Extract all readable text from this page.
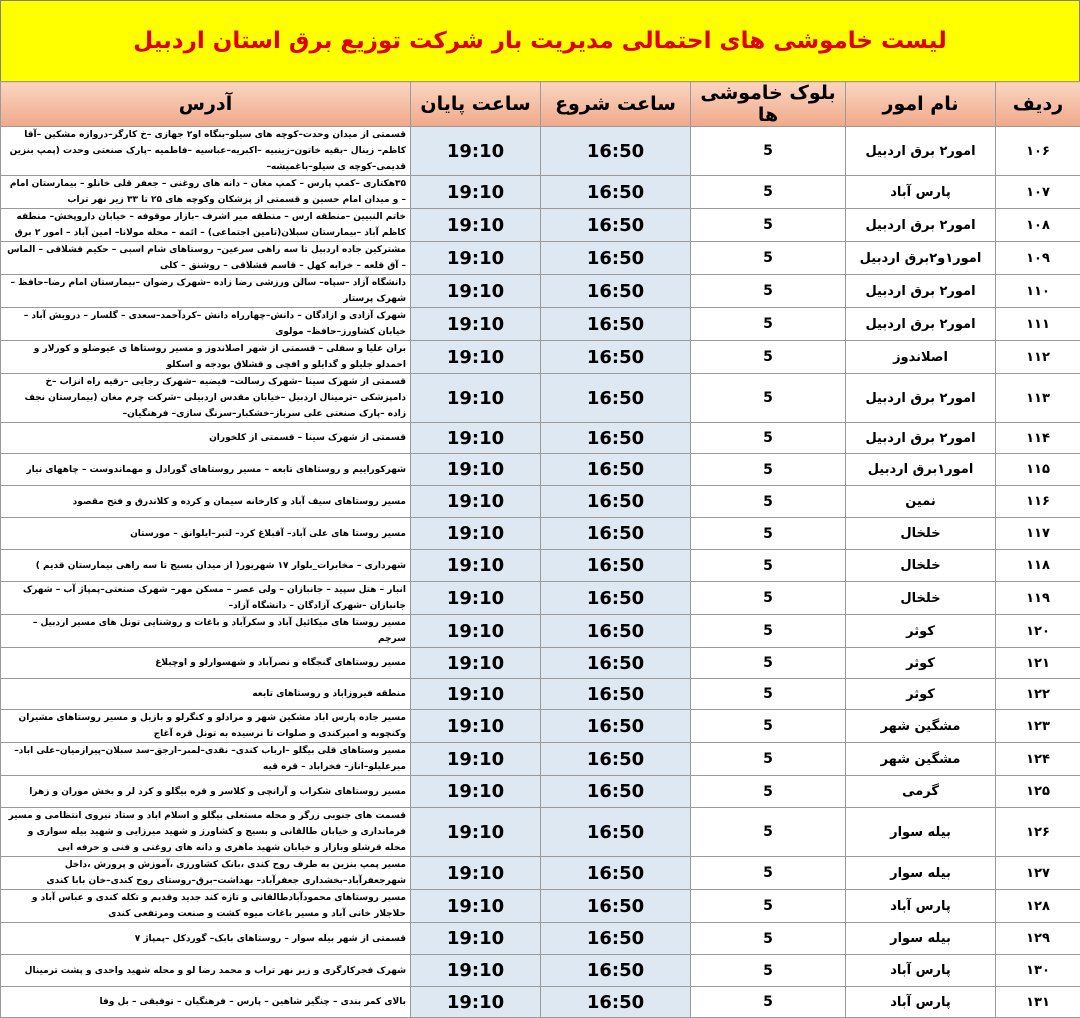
لیست خاموشی های احتمالی مدیریت بار شرکت توزیع برق استان اردبیل
ردیف	نام امور	بلوک خاموشی ها	ساعت شروع	ساعت پایان	آدرس
۱۰۶	امور۲ برق اردبیل	5	16:50	19:10	قسمتی از میدان وحدت–کوچه های سیلو–بنگاه او۲ جهازی –خ کارگر–دروازه مشکین –آقا کاظم– زینال –بقیه خاتون–زینبیه –اکبریه–عباسیه –فاطمیه –پارک صنعتی وحدت (پمپ بنزین قدیمی–کوچه ی سیلو–باغمیشه–
۱۰۷	پارس آباد	5	16:50	19:10	۳۵هکتاری –کمپ پارس – کمپ مغان – دانه های روغنی – جعفر قلی خانلو – بیمارستان امام – و میدان امام حسین و قسمتی از پزشکان وکوچه های ۲۵ تا ۳۳ زیر نهر تراب
۱۰۸	امور۲ برق اردبیل	5	16:50	19:10	خاتم النبیین –منطقه ارس – منطقه میر اشرف –بازار موقوفه – خیابان داروپخش– منطقه کاظم آباد –بیمارستان سبلان(تامین اجتماعی) – ائمه – محله مولانا– امین آباد – امور ۲ برق
۱۰۹	امور۱و۲برق اردبیل	5	16:50	19:10	مشترکین جاده اردبیل تا سه راهی سرعین– روستاهای شام اسبی – حکیم قشلاقی – الماس – آق قلعه – خرابه کهل – قاسم قشلاقی – روشنق – کلی
۱۱۰	امور۲ برق اردبیل	5	16:50	19:10	دانشگاه آزاد –سپاه– سالن ورزشی رضا زاده –شهرک رضوان –بیمارستان امام رضا–حافظ – شهرک پرستار
۱۱۱	امور۲ برق اردبیل	5	16:50	19:10	شهرک آزادی و ازادگان – دانش–چهارراه دانش –کردآحمد–سعدی – گلسار – درویش آباد –خیابان کشاورز–حافظ– مولوی
۱۱۲	اصلاندوز	5	16:50	19:10	بران علیا و سفلی – قسمتی از شهر اصلاندوز و مسیر روستاها ی عیوضلو و کورلار و احمدلو جلیلو و گدایلو و افچی و قشلاق بودجه و اسکلو
۱۱۳	امور۲ برق اردبیل	5	16:50	19:10	قسمتی از شهرک سینا –شهرک رسالت– فیضیه –شهرک رجایی –رقیه راه انزاب –خ دامپزشکی –ترمینال اردبیل –خیابان مقدس اردبیلی –شرکت چرم مغان (بیمارستان نجف زاده –پارک صنعتی علی سرباز–خشکبار–سرنگ سازی– فرهنگیان–
۱۱۴	امور۲ برق اردبیل	5	16:50	19:10	قسمتی از شهرک سینا – قسمتی از کلخوران
۱۱۵	امور۱برق اردبیل	5	16:50	19:10	شهرکوراییم و روستاهای تابعه – مسیر روستاهای گورادل و مهماندوست – چاههای نیار
۱۱۶	نمین	5	16:50	19:10	مسیر روستاهای سیف آباد و کارخانه سیمان و کرده و کلاندرق و فتح مقصود
۱۱۷	خلخال	5	16:50	19:10	مسیر روستا های علی آباد– آقبلاغ کرد– لنبر–ایلوانق – مورستان
۱۱۸	خلخال	5	16:50	19:10	شهرداری – مخابرات_بلوار ۱۷ شهریور( از میدان بسیج تا سه راهی بیمارستان قدیم )
۱۱۹	خلخال	5	16:50	19:10	انبار – هتل سپید – جانبازان – ولی عصر – مسکن مهر– شهرک صنعتی–پمپاژ آب – شهرک جانبازان –شهرک آزادگان – دانشگاه آزاد–
۱۲۰	کوثر	5	16:50	19:10	مسیر روستا های میکائیل آباد و سکرآباد و باغات و روشنایی تونل های مسیر اردبیل – سرچم
۱۲۱	کوثر	5	16:50	19:10	مسیر روستاهای گنجگاه و نصرآباد و شهسوارلو و اوچبلاغ
۱۲۲	کوثر	5	16:50	19:10	منطقه فیروزاباد و روستاهای تابعه
۱۲۳	مشگین شهر	5	16:50	19:10	مسیر جاده پارس اباد مشکین شهر و مرادلو و کنگرلو و بازیل و مسیر روستاهای مشیران وکنچوبه و امیرکندی و صلوات تا نرسیده به تونل قره آغاج
۱۲۴	مشگین شهر	5	16:50	19:10	مسیر وستاهای قلی بیگلو –ارباب کندی– نقدی–لمبر–ارجق–سد سبلان–پیرازمیان–علی اباد–میرعلیلو–اناز– فخراباد – قره قیه
۱۲۵	گرمی	5	16:50	19:10	مسیر روستاهای شکراب و آرانچی و کلاسر و قره بیگلو و کرد لر و بخش موران و زهرا
۱۲۶	بیله سوار	5	16:50	19:10	قسمت های جنوبی زرگر و محله مستعلی بیگلو و اسلام اباد و ستاد نیروی انتظامی و مسیر فرمانداری و خیابان طالقانی و بسیج و کشاورز و شهید میرزایی و شهید بیله سواری و محله قرشلو وبازار و خیابان شهید ماهری و دانه های روغنی و فنی و حرفه ایی
۱۲۷	بیله سوار	5	16:50	19:10	مسیر پمپ بنزین به طرف روح کندی ،بانک کشاورزی ،آموزش و پرورش ،داخل شهرجعفرآباد–بخشداری جعفرآباد– بهداشت–برق–روستای روح کندی–خان بابا کندی
۱۲۸	پارس آباد	5	16:50	19:10	مسیر روستاهای محمودآبادطالقانی و تازه کند جدید وقدیم و تکله کندی و عباس آباد و حلاجلار خانی آباد و مسیر باغات میوه کشت و صنعت ومرتفعی کندی
۱۲۹	بیله سوار	5	16:50	19:10	قسمتی از شهر بیله سوار – روستاهای بابک– گوردکل –پمپاژ ۷
۱۳۰	پارس آباد	5	16:50	19:10	شهرک فجرکارگری و زیر نهر تراب و محمد رضا لو و محله شهید واحدی و پشت ترمینال
۱۳۱	پارس آباد	5	16:50	19:10	بالای کمر بندی – چنگیز شاهین – پارس – فرهنگیان – توفیقی – بل وفا
